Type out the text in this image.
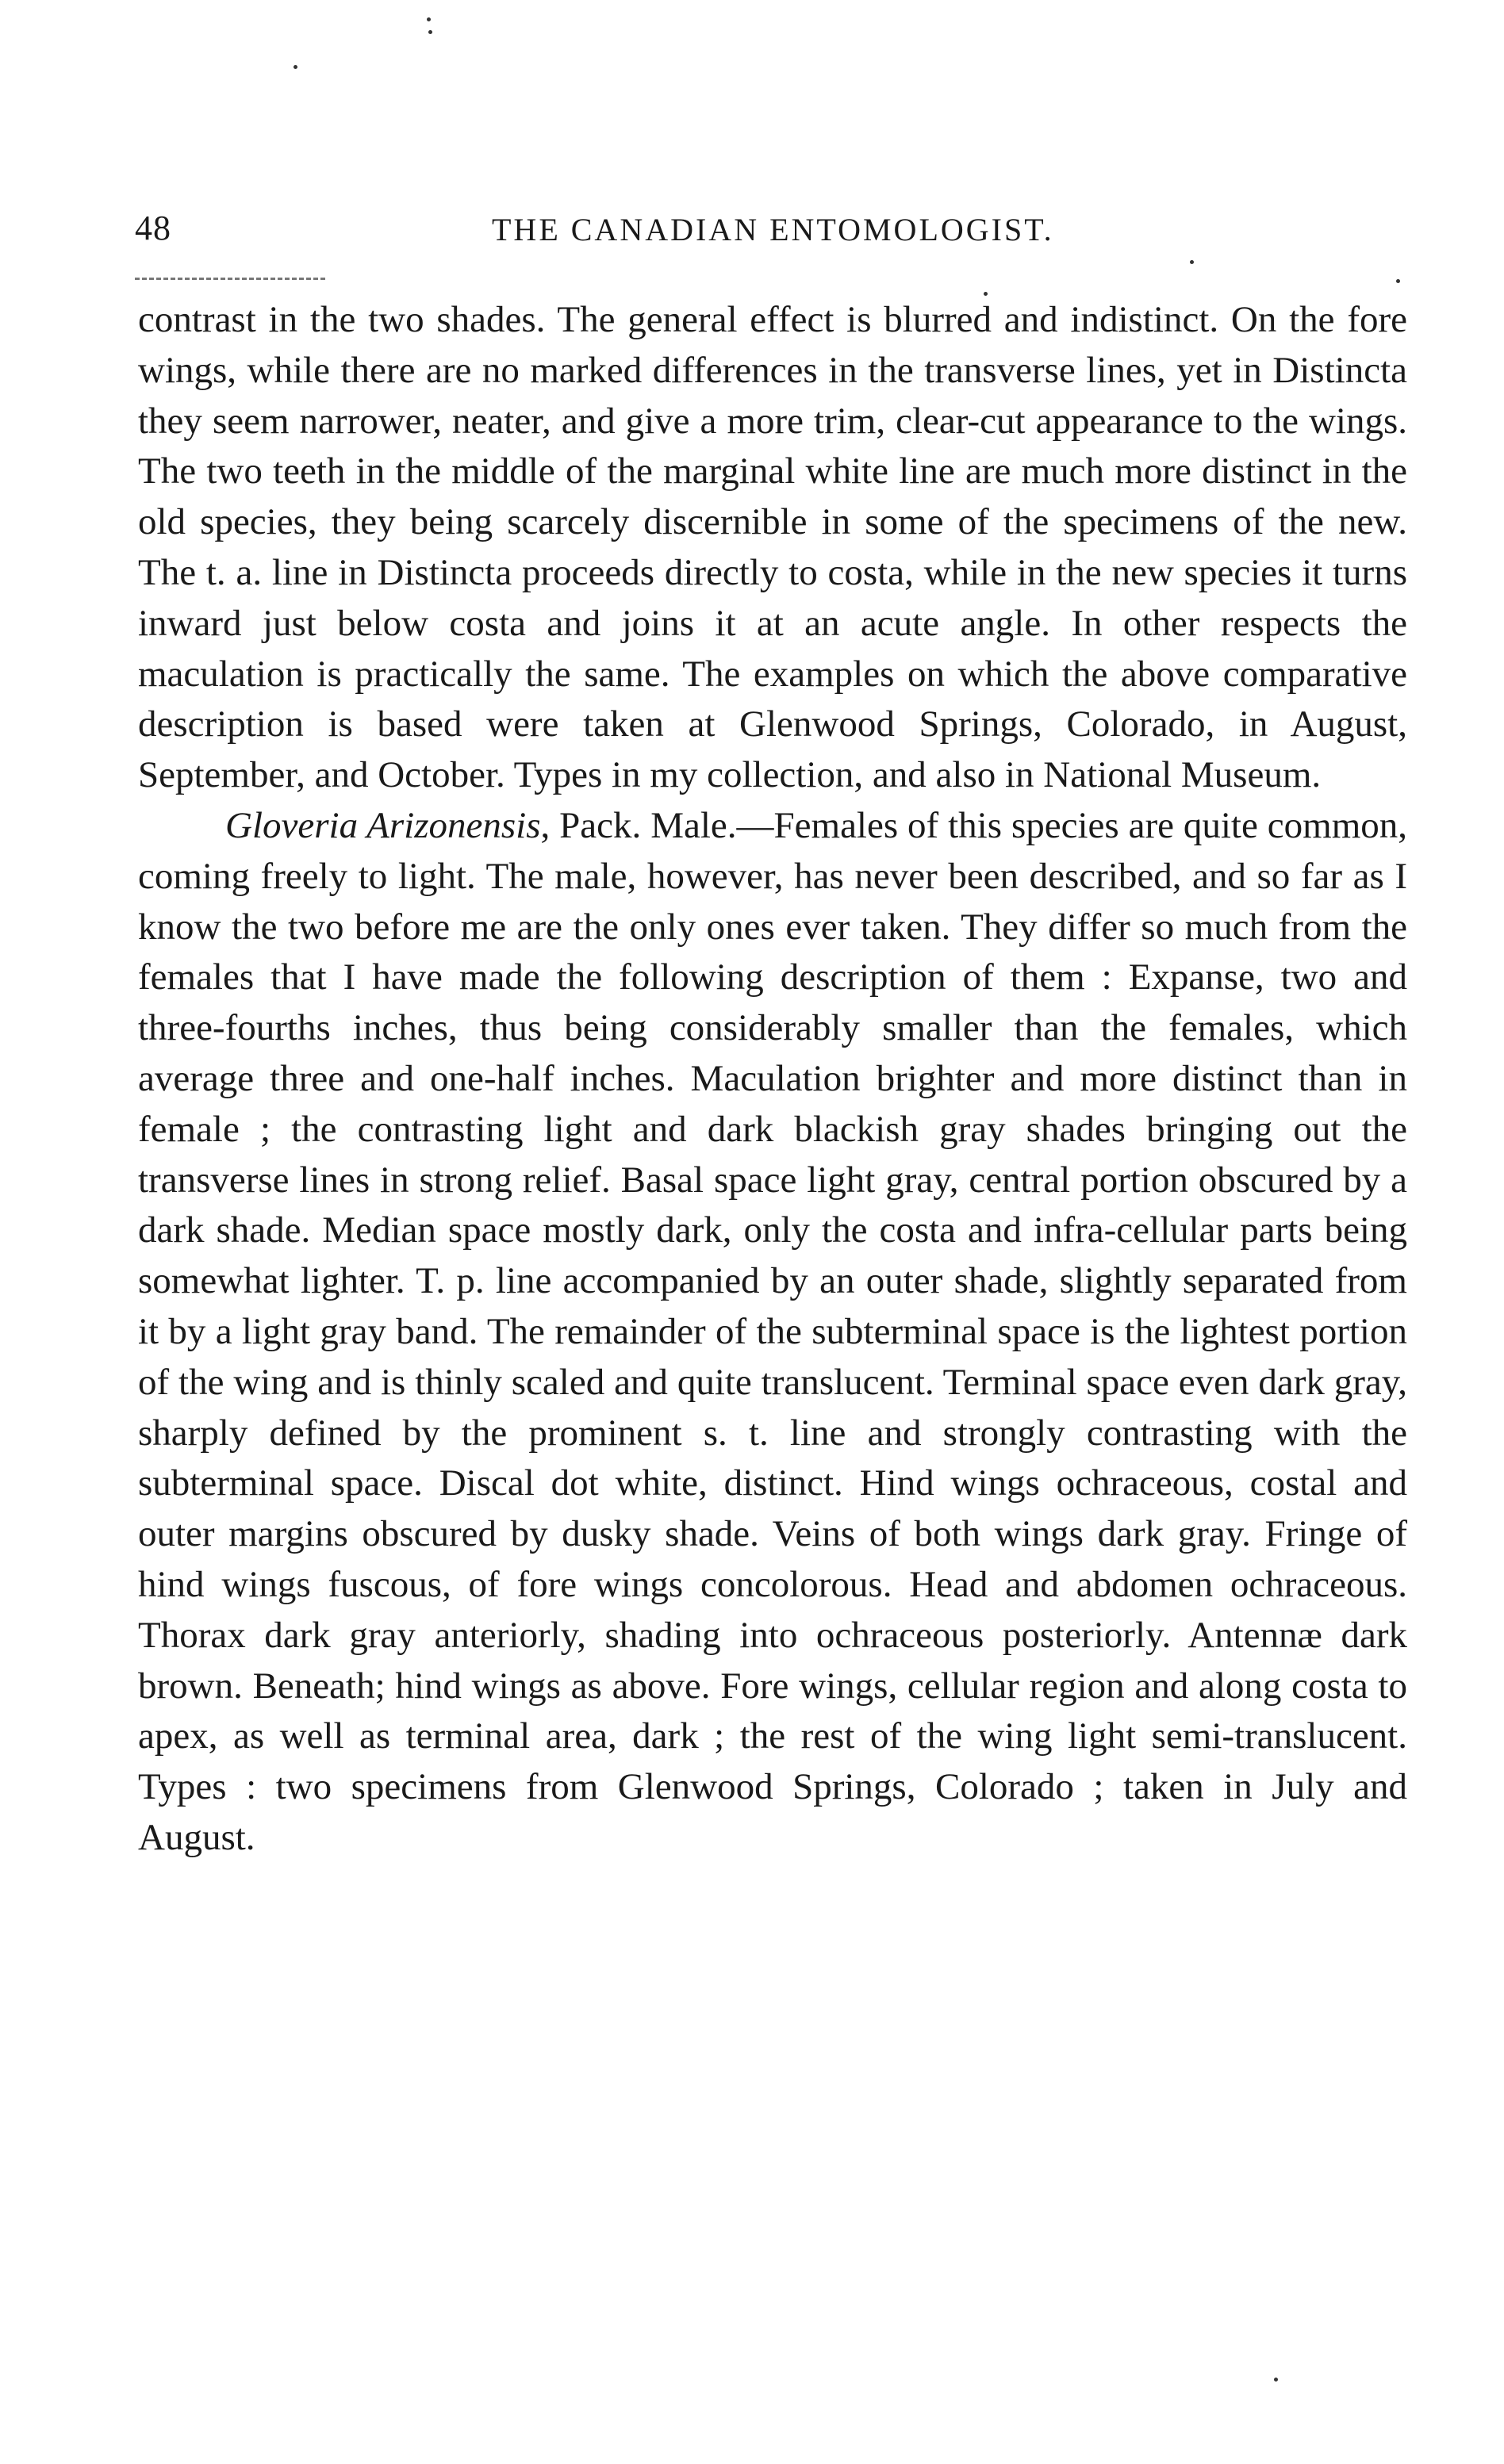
48	THE CANADIAN ENTOMOLOGIST.

contrast in the two shades. The general effect is blurred and indistinct. On the fore wings, while there are no marked differences in the transverse lines, yet in Distincta they seem narrower, neater, and give a more trim, clear-cut appearance to the wings. The two teeth in the middle of the marginal white line are much more distinct in the old species, they being scarcely discernible in some of the specimens of the new. The t. a. line in Distincta proceeds directly to costa, while in the new species it turns inward just below costa and joins it at an acute angle. In other respects the maculation is practically the same. The examples on which the above comparative description is based were taken at Glenwood Springs, Colorado, in August, September, and October. Types in my collection, and also in National Museum.

Gloveria Arizonensis, Pack. Male.—Females of this species are quite common, coming freely to light. The male, however, has never been described, and so far as I know the two before me are the only ones ever taken. They differ so much from the females that I have made the following description of them : Expanse, two and three-fourths inches, thus being considerably smaller than the females, which average three and one-half inches. Maculation brighter and more distinct than in female ; the contrasting light and dark blackish gray shades bringing out the transverse lines in strong relief. Basal space light gray, central portion obscured by a dark shade. Median space mostly dark, only the costa and infra-cellular parts being somewhat lighter. T. p. line accompanied by an outer shade, slightly separated from it by a light gray band. The remainder of the subterminal space is the lightest portion of the wing and is thinly scaled and quite translucent. Terminal space even dark gray, sharply defined by the prominent s. t. line and strongly contrasting with the subterminal space. Discal dot white, distinct. Hind wings ochraceous, costal and outer margins obscured by dusky shade. Veins of both wings dark gray. Fringe of hind wings fuscous, of fore wings concolorous. Head and abdomen ochraceous. Thorax dark gray anteriorly, shading into ochraceous posteriorly. Antennæ dark brown. Beneath; hind wings as above. Fore wings, cellular region and along costa to apex, as well as terminal area, dark ; the rest of the wing light semi-translucent. Types : two specimens from Glenwood Springs, Colorado ; taken in July and August.
